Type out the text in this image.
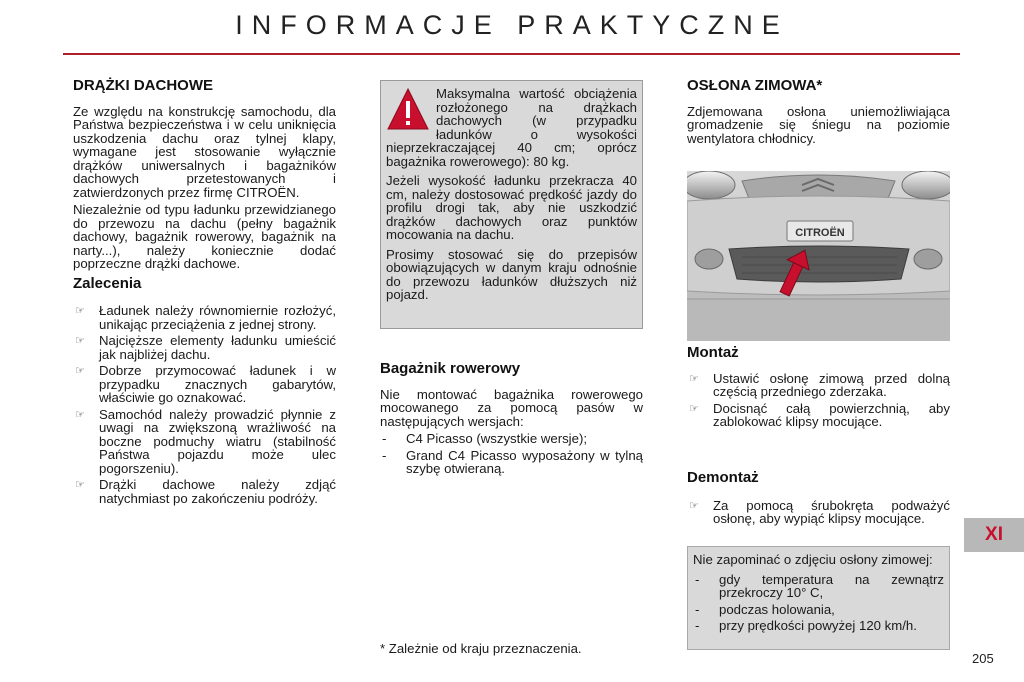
INFORMACJE PRAKTYCZNE
DRĄŻKI DACHOWE

Ze względu na konstrukcję samochodu, dla Państwa bezpieczeństwa i w celu uniknięcia uszkodzenia dachu oraz tylnej klapy, wymagane jest stosowanie wyłącznie drążków uniwersalnych i bagażników dachowych przetestowanych i zatwierdzonych przez firmę CITROËN.

Niezależnie od typu ładunku przewidzianego do przewozu na dachu (pełny bagażnik dachowy, bagażnik rowerowy, bagażnik na narty...), należy koniecznie dodać poprzeczne drążki dachowe.

Zalecenia
☞ Ładunek należy równomiernie rozłożyć, unikając przeciążenia z jednej strony.
☞ Najcięższe elementy ładunku umieścić jak najbliżej dachu.
☞ Dobrze przymocować ładunek i w przypadku znacznych gabarytów, właściwie go oznakować.
☞ Samochód należy prowadzić płynnie z uwagi na zwiększoną wrażliwość na boczne podmuchy wiatru (stabilność Państwa pojazdu może ulec pogorszeniu).
☞ Drążki dachowe należy zdjąć natychmiast po zakończeniu podróży.

Maksymalna wartość obciążenia rozłożonego na drążkach dachowych (w przypadku ładunków o wysokości nieprzekraczającej 40 cm; oprócz bagażnika rowerowego): 80 kg.

Jeżeli wysokość ładunku przekracza 40 cm, należy dostosować prędkość jazdy do profilu drogi tak, aby nie uszkodzić drążków dachowych oraz punktów mocowania na dachu.

Prosimy stosować się do przepisów obowiązujących w danym kraju odnośnie do przewozu ładunków dłuższych niż pojazd.

Bagażnik rowerowy

Nie montować bagażnika rowerowego mocowanego za pomocą pasów w następujących wersjach:

- C4 Picasso (wszystkie wersje);
- Grand C4 Picasso wyposażony w tylną szybę otwieraną.
* Zależnie od kraju przeznaczenia.
OSŁONA ZIMOWA*

Zdjemowana osłona uniemożliwiająca gromadzenie się śniegu na poziomie wentylatora chłodnicy.

CITROËN
Montaż
☞ Ustawić osłonę zimową przed dolną częścią przedniego zderzaka.
☞ Docisnąć całą powierzchnią, aby zablokować klipsy mocujące.
Demontaż
☞ Za pomocą śrubokręta podważyć osłonę, aby wypiąć klipsy mocujące.

Nie zapominać o zdjęciu osłony zimowej:

- gdy temperatura na zewnątrz przekroczy 10° C,
- podczas holowania,
- przy prędkości powyżej 120 km/h.
XI
205
